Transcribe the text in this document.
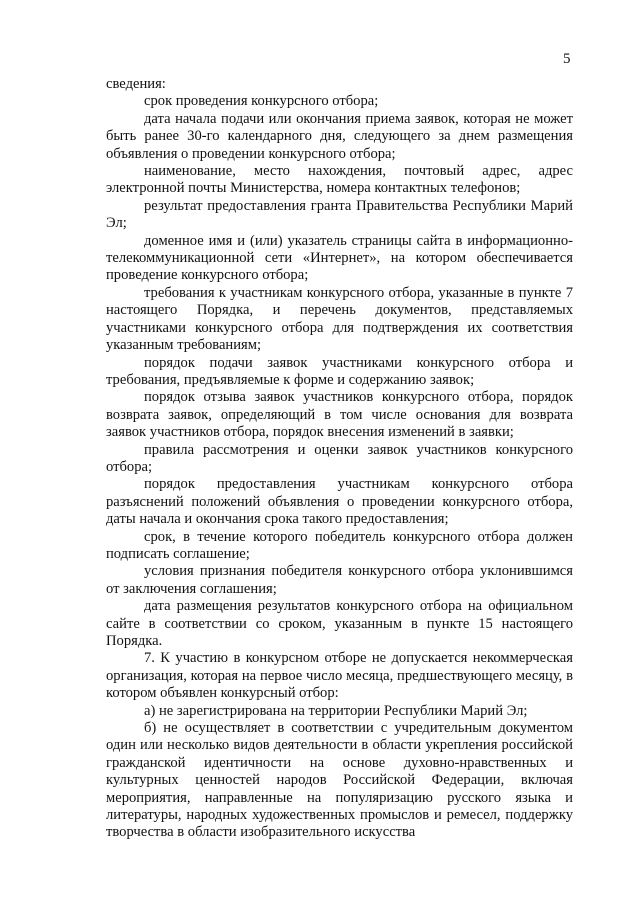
5

сведения:

срок проведения конкурсного отбора;

дата начала подачи или окончания приема заявок, которая не может быть ранее 30-го календарного дня, следующего за днем размещения объявления о проведении конкурсного отбора;

наименование, место нахождения, почтовый адрес, адрес электронной почты Министерства, номера контактных телефонов;

результат предоставления гранта Правительства Республики Марий Эл;

доменное имя и (или) указатель страницы сайта в информационно-телекоммуникационной сети «Интернет», на котором обеспечивается проведение конкурсного отбора;

требования к участникам конкурсного отбора, указанные в пункте 7 настоящего Порядка, и перечень документов, представляемых участниками конкурсного отбора для подтверждения их соответствия указанным требованиям;

порядок подачи заявок участниками конкурсного отбора и требования, предъявляемые к форме и содержанию заявок;

порядок отзыва заявок участников конкурсного отбора, порядок возврата заявок, определяющий в том числе основания для возврата заявок участников отбора, порядок внесения изменений в заявки;

правила рассмотрения и оценки заявок участников конкурсного отбора;

порядок предоставления участникам конкурсного отбора разъяснений положений объявления о проведении конкурсного отбора, даты начала и окончания срока такого предоставления;

срок, в течение которого победитель конкурсного отбора должен подписать соглашение;

условия признания победителя конкурсного отбора уклонившимся от заключения соглашения;

дата размещения результатов конкурсного отбора на официальном сайте в соответствии со сроком, указанным в пункте 15 настоящего Порядка.

7. К участию в конкурсном отборе не допускается некоммерческая организация, которая на первое число месяца, предшествующего месяцу, в котором объявлен конкурсный отбор:

а) не зарегистрирована на территории Республики Марий Эл;

б) не осуществляет в соответствии с учредительным документом один или несколько видов деятельности в области укрепления российской гражданской идентичности на основе духовно-нравственных и культурных ценностей народов Российской Федерации, включая мероприятия, направленные на популяризацию русского языка и литературы, народных художественных промыслов и ремесел, поддержку творчества в области изобразительного искусства
